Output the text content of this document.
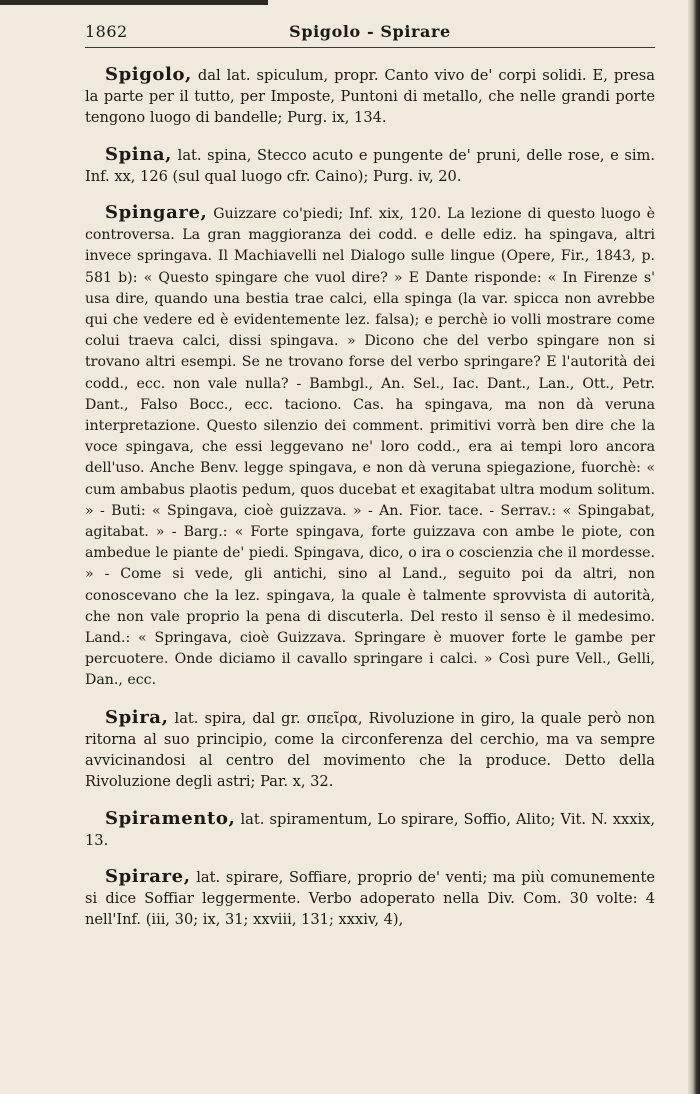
Spigolo - Spirare
1862

Spigolo, dal lat. spiculum, propr. Canto vivo de' corpi solidi. E, presa la parte per il tutto, per Imposte, Puntoni di metallo, che nelle grandi porte tengono luogo di bandelle; Purg. ix, 134.

Spina, lat. spina, Stecco acuto e pungente de' pruni, delle rose, e sim. Inf. xx, 126 (sul qual luogo cfr. Caino); Purg. iv, 20.

Spingare, Guizzare co'piedi; Inf. xix, 120. La lezione di questo luogo è controversa. La gran maggioranza dei codd. e delle ediz. ha spingava, altri invece springava. Il Machiavelli nel Dialogo sulle lingue (Opere, Fir., 1843, p. 581 b): « Questo spingare che vuol dire? » E Dante risponde: « In Firenze s' usa dire, quando una bestia trae calci, ella spinga (la var. spicca non avrebbe qui che vedere ed è evidentemente lez. falsa); e perchè io volli mostrare come colui traeva calci, dissi spingava. » Dicono che del verbo spingare non si trovano altri esempi. Se ne trovano forse del verbo springare? E l'autorità dei codd., ecc. non vale nulla? - Bambgl., An. Sel., Iac. Dant., Lan., Ott., Petr. Dant., Falso Bocc., ecc. taciono. Cas. ha spingava, ma non dà veruna interpretazione. Questo silenzio dei comment. primitivi vorrà ben dire che la voce spingava, che essi leggevano ne' loro codd., era ai tempi loro ancora dell'uso. Anche Benv. legge spingava, e non dà veruna spiegazione, fuorchè: « cum ambabus plaotis pedum, quos ducebat et exagitabat ultra modum solitum. » - Buti: « Spingava, cioè guizzava. » - An. Fior. tace. - Serrav.: « Spingabat, agitabat. » - Barg.: « Forte spingava, forte guizzava con ambe le piote, con ambedue le piante de' piedi. Spingava, dico, o ira o coscienzia che il mordesse. » - Come si vede, gli antichi, sino al Land., seguito poi da altri, non conoscevano che la lez. spingava, la quale è talmente sprovvista di autorità, che non vale proprio la pena di discuterla. Del resto il senso è il medesimo. Land.: « Springava, cioè Guizzava. Springare è muover forte le gambe per percuotere. Onde diciamo il cavallo springare i calci. » Così pure Vell., Gelli, Dan., ecc.

Spira, lat. spira, dal gr. σπεῖρα, Rivoluzione in giro, la quale però non ritorna al suo principio, come la circonferenza del cerchio, ma va sempre avvicinandosi al centro del movimento che la produce. Detto della Rivoluzione degli astri; Par. x, 32.

Spiramento, lat. spiramentum, Lo spirare, Soffio, Alito; Vit. N. xxxix, 13.

Spirare, lat. spirare, Soffiare, proprio de' venti; ma più comunemente si dice Soffiar leggermente. Verbo adoperato nella Div. Com. 30 volte: 4 nell'Inf. (iii, 30; ix, 31; xxviii, 131; xxxiv, 4),
